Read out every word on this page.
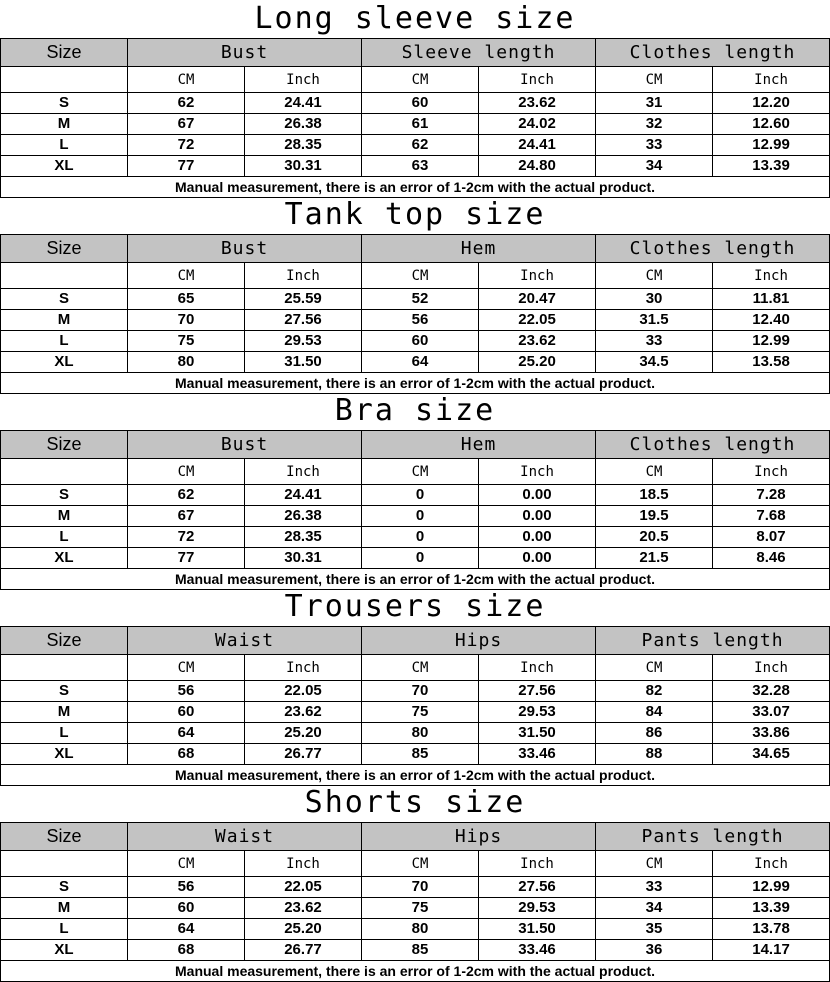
Long sleeve size
Size	Bust		Sleeve length		Clothes length	
	CM	Inch	CM	Inch	CM	Inch
S	62	24.41	60	23.62	31	12.20
M	67	26.38	61	24.02	32	12.60
L	72	28.35	62	24.41	33	12.99
XL	77	30.31	63	24.80	34	13.39
Manual measurement, there is an error of 1-2cm with the actual product.						
Tank top size
Size	Bust		Hem		Clothes length	
	CM	Inch	CM	Inch	CM	Inch
S	65	25.59	52	20.47	30	11.81
M	70	27.56	56	22.05	31.5	12.40
L	75	29.53	60	23.62	33	12.99
XL	80	31.50	64	25.20	34.5	13.58
Manual measurement, there is an error of 1-2cm with the actual product.						
Bra size
Size	Bust		Hem		Clothes length	
	CM	Inch	CM	Inch	CM	Inch
S	62	24.41	0	0.00	18.5	7.28
M	67	26.38	0	0.00	19.5	7.68
L	72	28.35	0	0.00	20.5	8.07
XL	77	30.31	0	0.00	21.5	8.46
Manual measurement, there is an error of 1-2cm with the actual product.						
Trousers size
Size	Waist		Hips		Pants length	
	CM	Inch	CM	Inch	CM	Inch
S	56	22.05	70	27.56	82	32.28
M	60	23.62	75	29.53	84	33.07
L	64	25.20	80	31.50	86	33.86
XL	68	26.77	85	33.46	88	34.65
Manual measurement, there is an error of 1-2cm with the actual product.						
Shorts size
Size	Waist		Hips		Pants length	
	CM	Inch	CM	Inch	CM	Inch
S	56	22.05	70	27.56	33	12.99
M	60	23.62	75	29.53	34	13.39
L	64	25.20	80	31.50	35	13.78
XL	68	26.77	85	33.46	36	14.17
Manual measurement, there is an error of 1-2cm with the actual product.						
